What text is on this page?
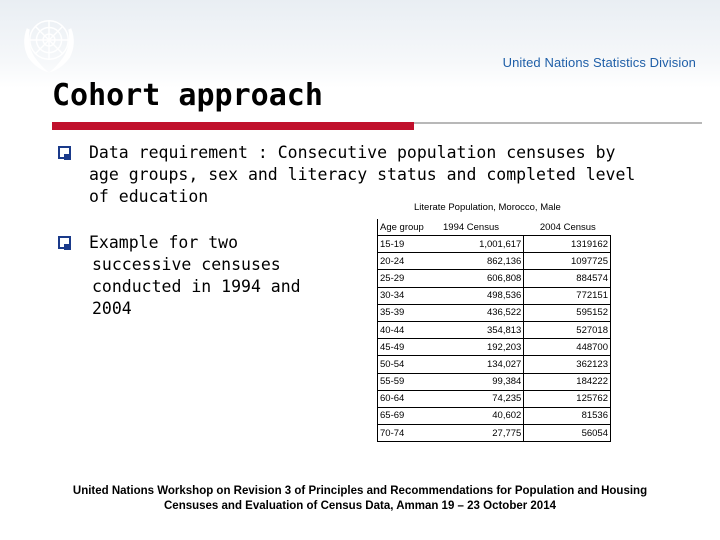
United Nations Statistics Division
Cohort approach
Data requirement : Consecutive population censuses by age groups, sex and literacy status and completed level of education
Example for two
successive censuses
conducted in 1994 and 2004
Literate Population, Morocco, Male
Age group	1994 Census	2004 Census
15-19	1,001,617	1319162
20-24	862,136	1097725
25-29	606,808	884574
30-34	498,536	772151
35-39	436,522	595152
40-44	354,813	527018
45-49	192,203	448700
50-54	134,027	362123
55-59	99,384	184222
60-64	74,235	125762
65-69	40,602	81536
70-74	27,775	56054
United Nations Workshop on Revision 3 of Principles and Recommendations for Population and Housing
Censuses and Evaluation of Census Data, Amman 19 – 23 October 2014
